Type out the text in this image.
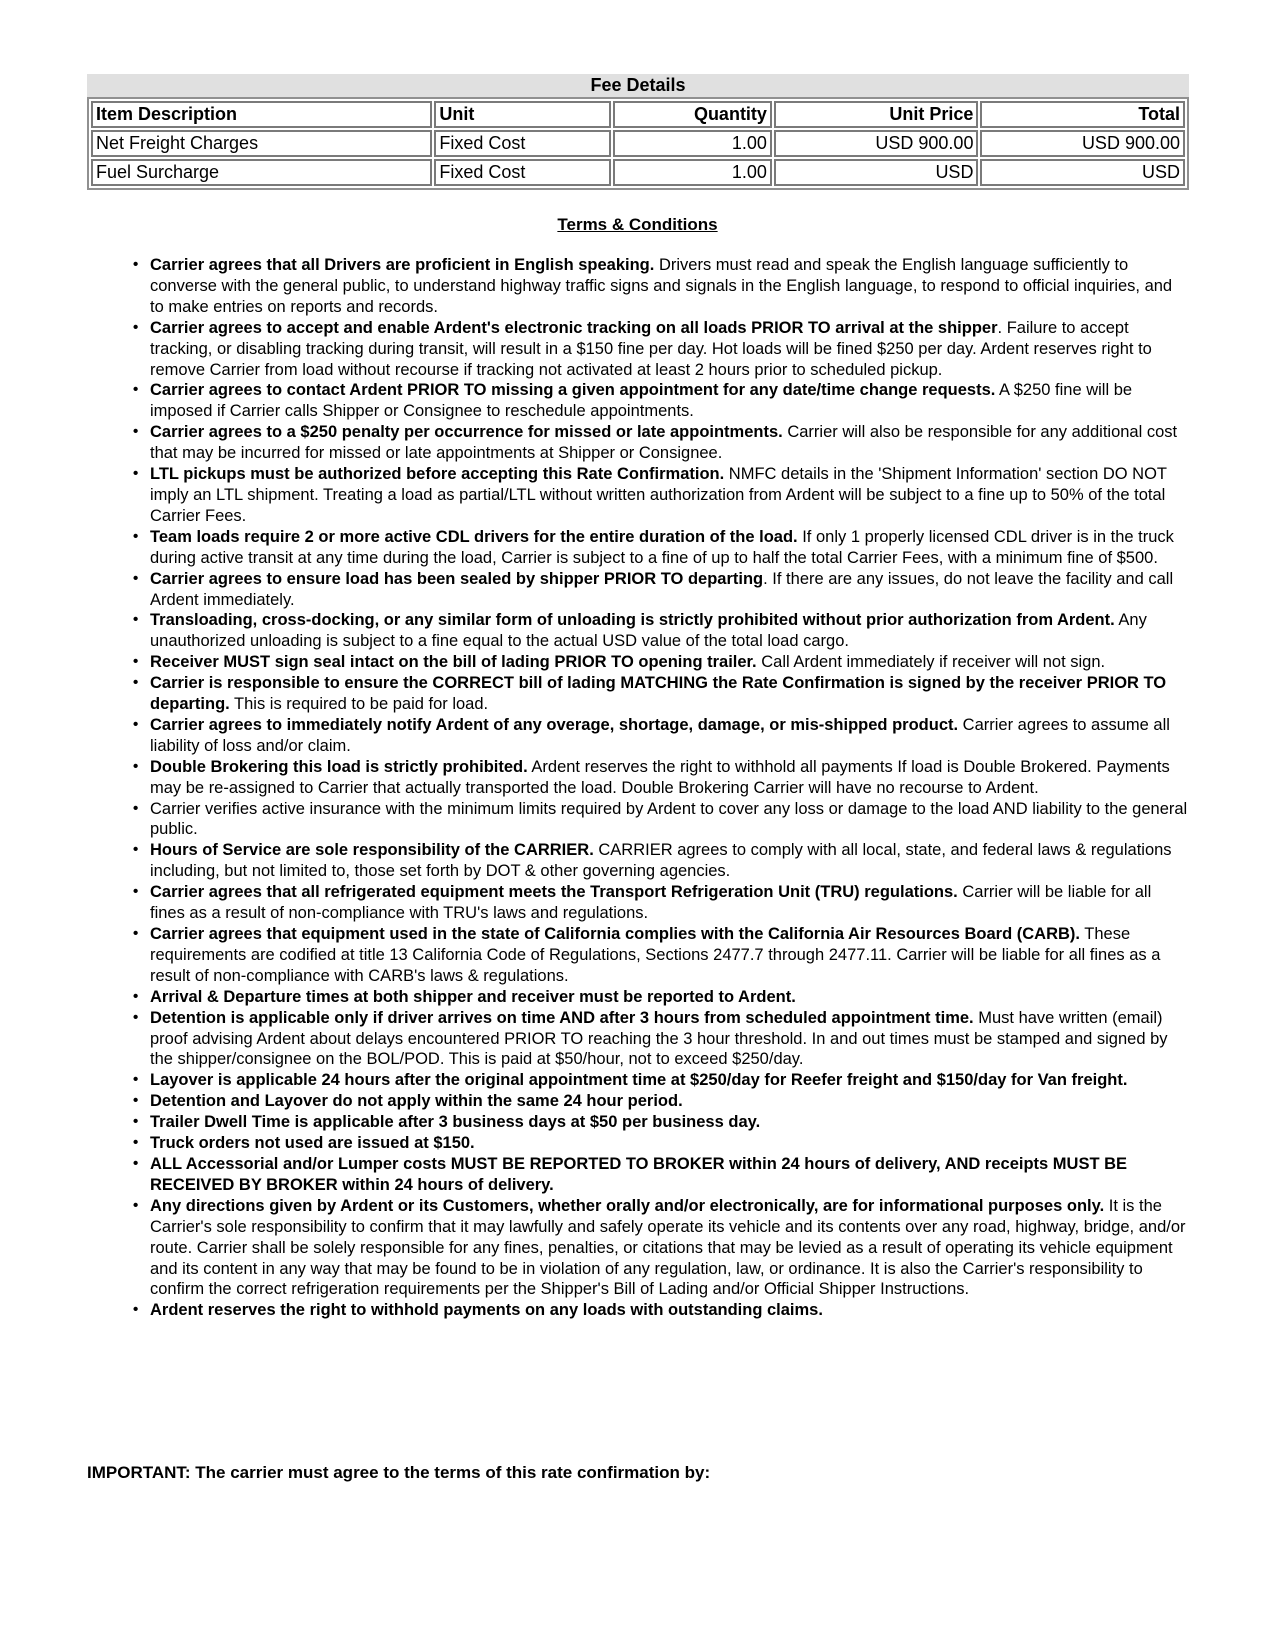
Fee Details
Item Description	Unit	Quantity	Unit Price	Total
Net Freight Charges	Fixed Cost	1.00	USD 900.00	USD 900.00
Fuel Surcharge	Fixed Cost	1.00	USD	USD
Terms & Conditions
• Carrier agrees that all Drivers are proficient in English speaking. Drivers must read and speak the English language sufficiently to converse with the general public, to understand highway traffic signs and signals in the English language, to respond to official inquiries, and to make entries on reports and records.
• Carrier agrees to accept and enable Ardent's electronic tracking on all loads PRIOR TO arrival at the shipper. Failure to accept tracking, or disabling tracking during transit, will result in a $150 fine per day. Hot loads will be fined $250 per day. Ardent reserves right to remove Carrier from load without recourse if tracking not activated at least 2 hours prior to scheduled pickup.
• Carrier agrees to contact Ardent PRIOR TO missing a given appointment for any date/time change requests. A $250 fine will be imposed if Carrier calls Shipper or Consignee to reschedule appointments.
• Carrier agrees to a $250 penalty per occurrence for missed or late appointments. Carrier will also be responsible for any additional cost that may be incurred for missed or late appointments at Shipper or Consignee.
• LTL pickups must be authorized before accepting this Rate Confirmation. NMFC details in the 'Shipment Information' section DO NOT imply an LTL shipment. Treating a load as partial/LTL without written authorization from Ardent will be subject to a fine up to 50% of the total Carrier Fees.
• Team loads require 2 or more active CDL drivers for the entire duration of the load. If only 1 properly licensed CDL driver is in the truck during active transit at any time during the load, Carrier is subject to a fine of up to half the total Carrier Fees, with a minimum fine of $500.
• Carrier agrees to ensure load has been sealed by shipper PRIOR TO departing. If there are any issues, do not leave the facility and call Ardent immediately.
• Transloading, cross-docking, or any similar form of unloading is strictly prohibited without prior authorization from Ardent. Any unauthorized unloading is subject to a fine equal to the actual USD value of the total load cargo.
• Receiver MUST sign seal intact on the bill of lading PRIOR TO opening trailer. Call Ardent immediately if receiver will not sign.
• Carrier is responsible to ensure the CORRECT bill of lading MATCHING the Rate Confirmation is signed by the receiver PRIOR TO departing. This is required to be paid for load.
• Carrier agrees to immediately notify Ardent of any overage, shortage, damage, or mis-shipped product. Carrier agrees to assume all liability of loss and/or claim.
• Double Brokering this load is strictly prohibited. Ardent reserves the right to withhold all payments If load is Double Brokered. Payments may be re-assigned to Carrier that actually transported the load. Double Brokering Carrier will have no recourse to Ardent.
• Carrier verifies active insurance with the minimum limits required by Ardent to cover any loss or damage to the load AND liability to the general public.
• Hours of Service are sole responsibility of the CARRIER. CARRIER agrees to comply with all local, state, and federal laws & regulations including, but not limited to, those set forth by DOT & other governing agencies.
• Carrier agrees that all refrigerated equipment meets the Transport Refrigeration Unit (TRU) regulations. Carrier will be liable for all fines as a result of non-compliance with TRU's laws and regulations.
• Carrier agrees that equipment used in the state of California complies with the California Air Resources Board (CARB). These requirements are codified at title 13 California Code of Regulations, Sections 2477.7 through 2477.11. Carrier will be liable for all fines as a result of non-compliance with CARB's laws & regulations.
• Arrival & Departure times at both shipper and receiver must be reported to Ardent.
• Detention is applicable only if driver arrives on time AND after 3 hours from scheduled appointment time. Must have written (email) proof advising Ardent about delays encountered PRIOR TO reaching the 3 hour threshold. In and out times must be stamped and signed by the shipper/consignee on the BOL/POD. This is paid at $50/hour, not to exceed $250/day.
• Layover is applicable 24 hours after the original appointment time at $250/day for Reefer freight and $150/day for Van freight.
• Detention and Layover do not apply within the same 24 hour period.
• Trailer Dwell Time is applicable after 3 business days at $50 per business day.
• Truck orders not used are issued at $150.
• ALL Accessorial and/or Lumper costs MUST BE REPORTED TO BROKER within 24 hours of delivery, AND receipts MUST BE RECEIVED BY BROKER within 24 hours of delivery.
• Any directions given by Ardent or its Customers, whether orally and/or electronically, are for informational purposes only. It is the Carrier's sole responsibility to confirm that it may lawfully and safely operate its vehicle and its contents over any road, highway, bridge, and/or route. Carrier shall be solely responsible for any fines, penalties, or citations that may be levied as a result of operating its vehicle equipment and its content in any way that may be found to be in violation of any regulation, law, or ordinance. It is also the Carrier's responsibility to confirm the correct refrigeration requirements per the Shipper's Bill of Lading and/or Official Shipper Instructions.
• Ardent reserves the right to withhold payments on any loads with outstanding claims.
IMPORTANT: The carrier must agree to the terms of this rate confirmation by:
